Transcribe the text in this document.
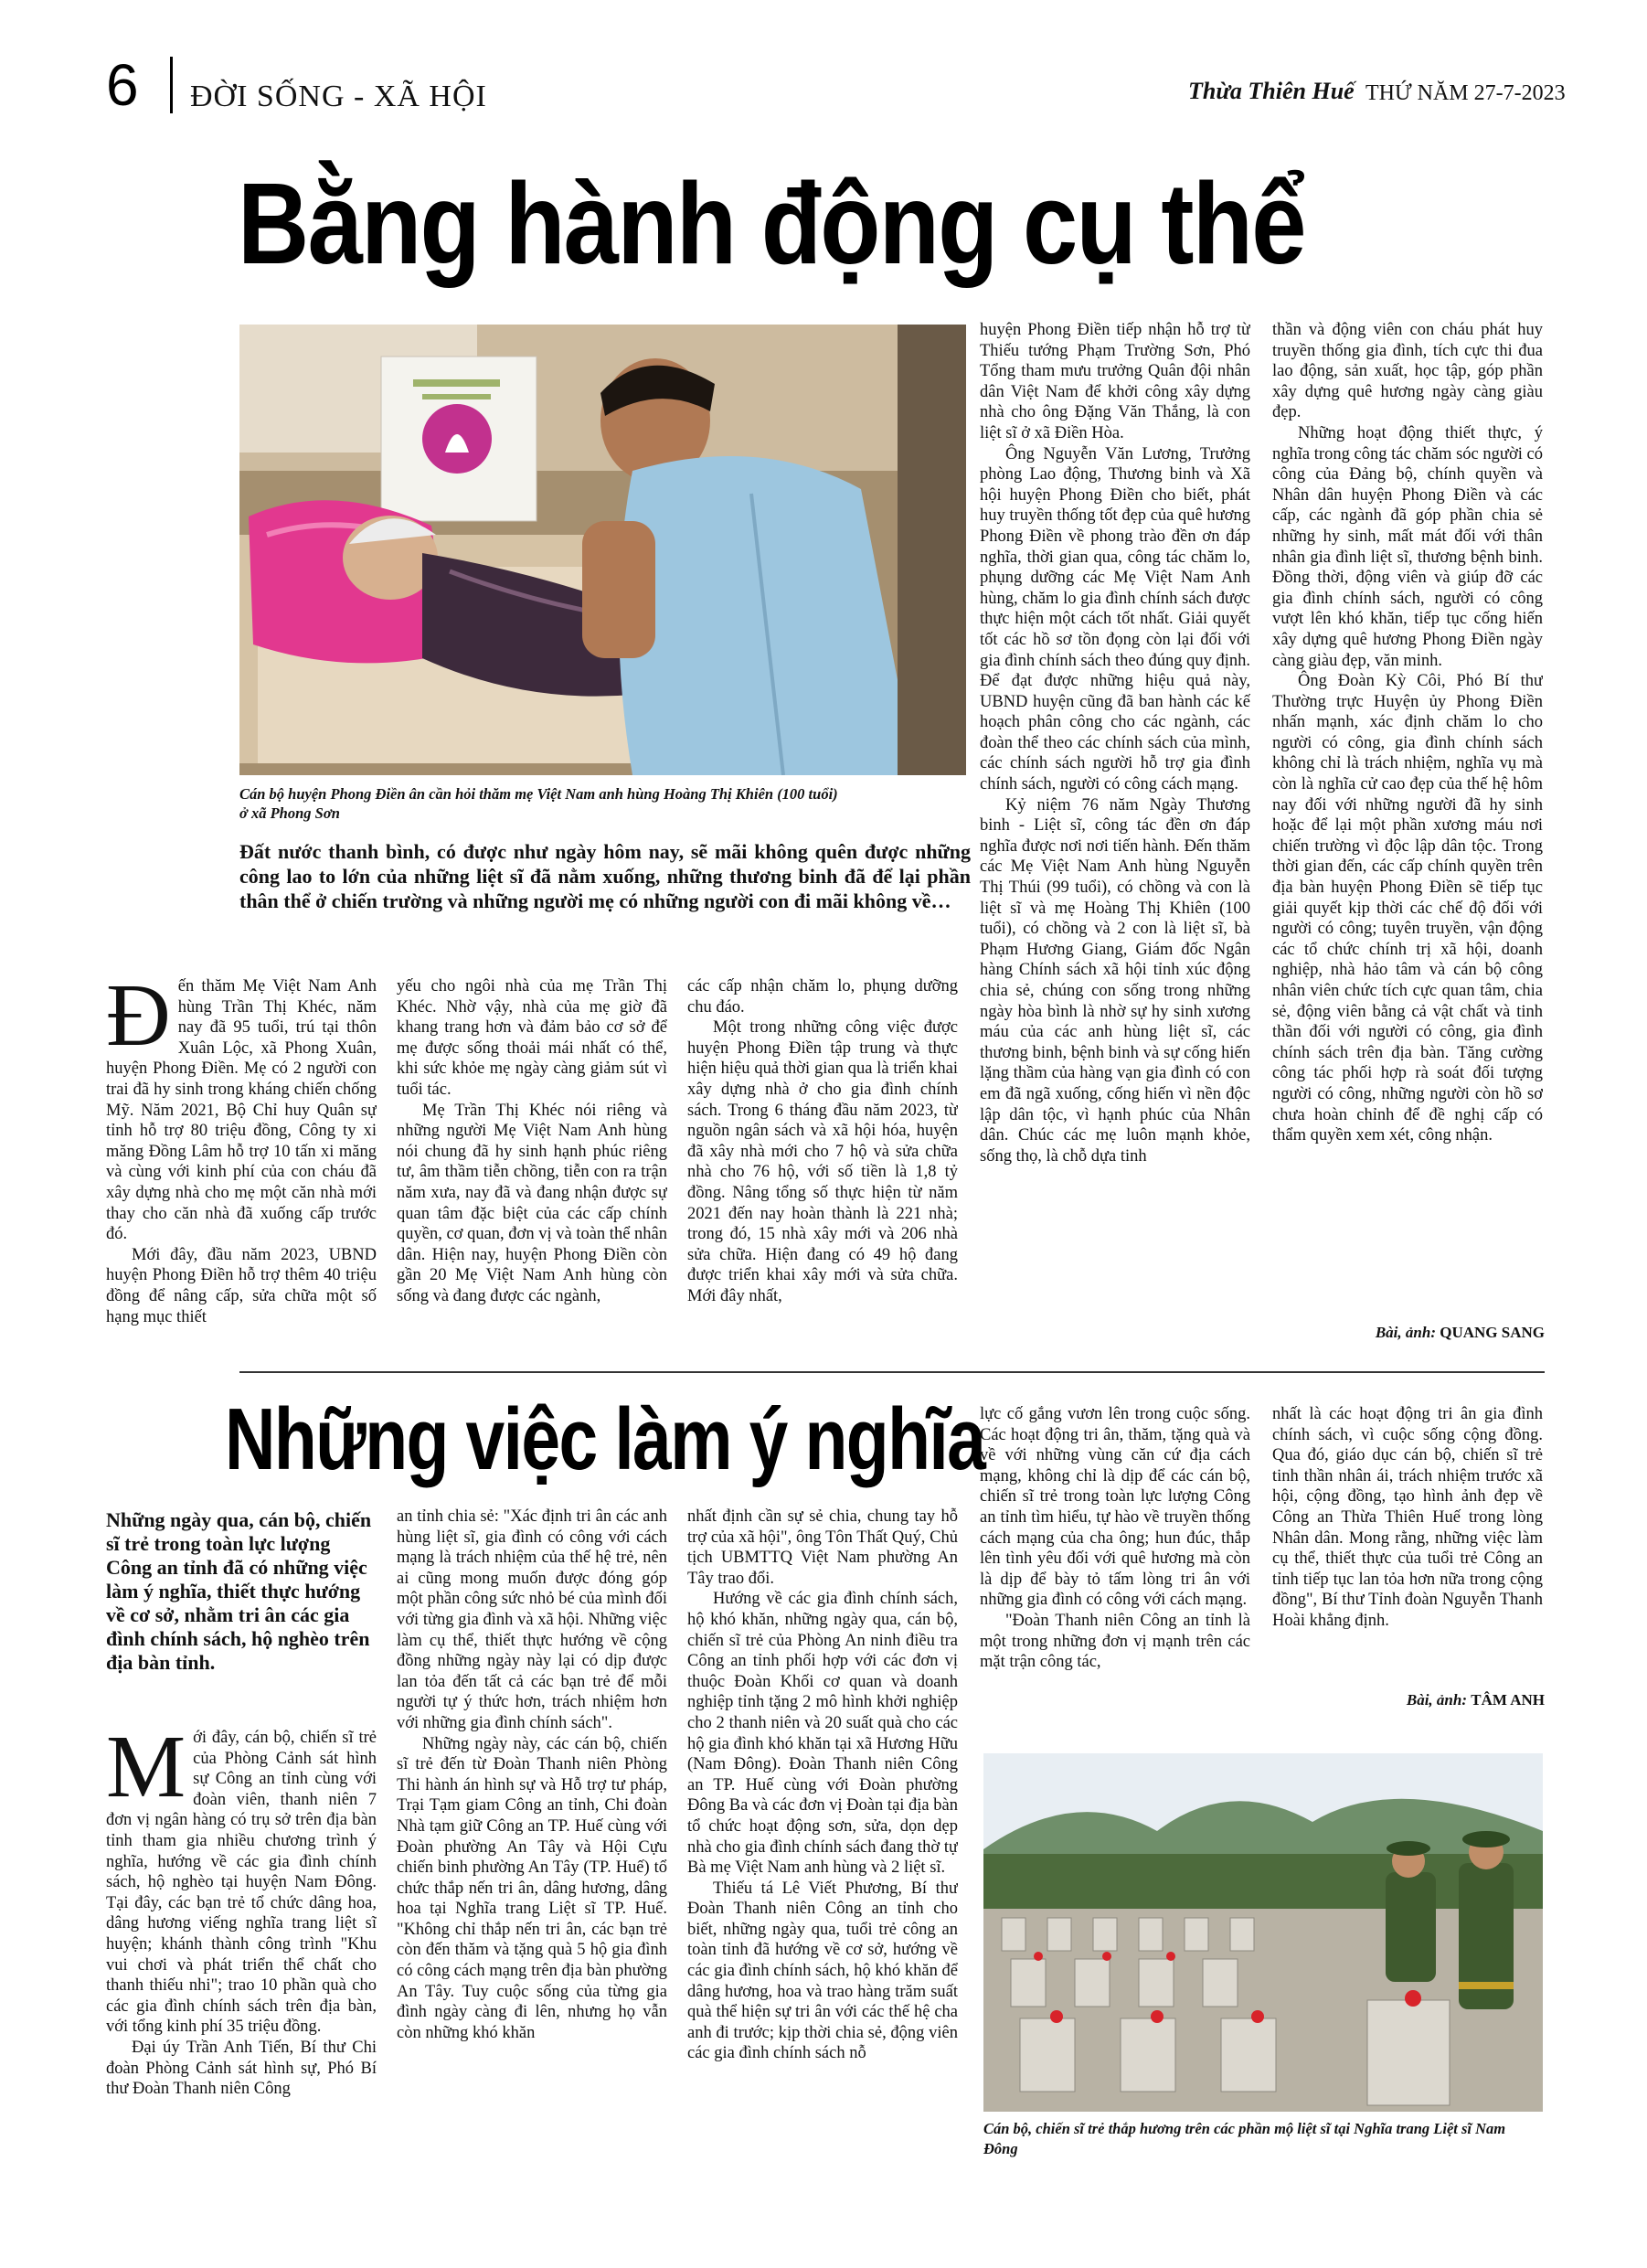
6 ĐỜI SỐNG - XÃ HỘI	Thừa Thiên Huế THỨ NĂM 27-7-2023
Bằng hành động cụ thể
Cán bộ huyện Phong Điền ân cần hỏi thăm mẹ Việt Nam anh hùng Hoàng Thị Khiên (100 tuổi)
ở xã Phong Sơn
Đất nước thanh bình, có được như ngày hôm nay, sẽ mãi không quên được những công lao to lớn của những liệt sĩ đã nằm xuống, những thương binh đã để lại phần thân thể ở chiến trường và những người mẹ có những người con đi mãi không về…

Đến thăm Mẹ Việt Nam Anh hùng Trần Thị Khéc, năm nay đã 95 tuổi, trú tại thôn Xuân Lộc, xã Phong Xuân, huyện Phong Điền. Mẹ có 2 người con trai đã hy sinh trong kháng chiến chống Mỹ. Năm 2021, Bộ Chỉ huy Quân sự tỉnh hỗ trợ 80 triệu đồng, Công ty xi măng Đồng Lâm hỗ trợ 10 tấn xi măng và cùng với kinh phí của con cháu đã xây dựng nhà cho mẹ một căn nhà mới thay cho căn nhà đã xuống cấp trước đó.

Mới đây, đầu năm 2023, UBND huyện Phong Điền hỗ trợ thêm 40 triệu đồng để nâng cấp, sửa chữa một số hạng mục thiết

yếu cho ngôi nhà của mẹ Trần Thị Khéc. Nhờ vậy, nhà của mẹ giờ đã khang trang hơn và đảm bảo cơ sở để mẹ được sống thoải mái nhất có thể, khi sức khỏe mẹ ngày càng giảm sút vì tuổi tác.

Mẹ Trần Thị Khéc nói riêng và những người Mẹ Việt Nam Anh hùng nói chung đã hy sinh hạnh phúc riêng tư, âm thầm tiễn chồng, tiễn con ra trận năm xưa, nay đã và đang nhận được sự quan tâm đặc biệt của các cấp chính quyền, cơ quan, đơn vị và toàn thể nhân dân. Hiện nay, huyện Phong Điền còn gần 20 Mẹ Việt Nam Anh hùng còn sống và đang được các ngành,

các cấp nhận chăm lo, phụng dưỡng chu đáo.

Một trong những công việc được huyện Phong Điền tập trung và thực hiện hiệu quả thời gian qua là triển khai xây dựng nhà ở cho gia đình chính sách. Trong 6 tháng đầu năm 2023, từ nguồn ngân sách và xã hội hóa, huyện đã xây nhà mới cho 7 hộ và sửa chữa nhà cho 76 hộ, với số tiền là 1,8 tỷ đồng. Nâng tổng số thực hiện từ năm 2021 đến nay hoàn thành là 221 nhà; trong đó, 15 nhà xây mới và 206 nhà sửa chữa. Hiện đang có 49 hộ đang được triển khai xây mới và sửa chữa. Mới đây nhất,

huyện Phong Điền tiếp nhận hỗ trợ từ Thiếu tướng Phạm Trường Sơn, Phó Tổng tham mưu trưởng Quân đội nhân dân Việt Nam để khởi công xây dựng nhà cho ông Đặng Văn Thắng, là con liệt sĩ ở xã Điền Hòa.

Ông Nguyễn Văn Lương, Trưởng phòng Lao động, Thương binh và Xã hội huyện Phong Điền cho biết, phát huy truyền thống tốt đẹp của quê hương Phong Điền về phong trào đền ơn đáp nghĩa, thời gian qua, công tác chăm lo, phụng dưỡng các Mẹ Việt Nam Anh hùng, chăm lo gia đình chính sách được thực hiện một cách tốt nhất. Giải quyết tốt các hồ sơ tồn đọng còn lại đối với gia đình chính sách theo đúng quy định. Để đạt được những hiệu quả này, UBND huyện cũng đã ban hành các kế hoạch phân công cho các ngành, các đoàn thể theo các chính sách của mình, các chính sách người hỗ trợ gia đình chính sách, người có công cách mạng.

Kỷ niệm 76 năm Ngày Thương binh - Liệt sĩ, công tác đền ơn đáp nghĩa được nơi nơi tiến hành. Đến thăm các Mẹ Việt Nam Anh hùng Nguyễn Thị Thúi (99 tuổi), có chồng và con là liệt sĩ và mẹ Hoàng Thị Khiên (100 tuổi), có chồng và 2 con là liệt sĩ, bà Phạm Hương Giang, Giám đốc Ngân hàng Chính sách xã hội tỉnh xúc động chia sẻ, chúng con sống trong những ngày hòa bình là nhờ sự hy sinh xương máu của các anh hùng liệt sĩ, các thương binh, bệnh binh và sự cống hiến lặng thầm của hàng vạn gia đình có con em đã ngã xuống, cống hiến vì nền độc lập dân tộc, vì hạnh phúc của Nhân dân. Chúc các mẹ luôn mạnh khỏe, sống thọ, là chỗ dựa tinh

thần và động viên con cháu phát huy truyền thống gia đình, tích cực thi đua lao động, sản xuất, học tập, góp phần xây dựng quê hương ngày càng giàu đẹp.

Những hoạt động thiết thực, ý nghĩa trong công tác chăm sóc người có công của Đảng bộ, chính quyền và Nhân dân huyện Phong Điền và các cấp, các ngành đã góp phần chia sẻ những hy sinh, mất mát đối với thân nhân gia đình liệt sĩ, thương bệnh binh. Đồng thời, động viên và giúp đỡ các gia đình chính sách, người có công vượt lên khó khăn, tiếp tục cống hiến xây dựng quê hương Phong Điền ngày càng giàu đẹp, văn minh.

Ông Đoàn Kỳ Côi, Phó Bí thư Thường trực Huyện ủy Phong Điền nhấn mạnh, xác định chăm lo cho người có công, gia đình chính sách không chỉ là trách nhiệm, nghĩa vụ mà còn là nghĩa cử cao đẹp của thế hệ hôm nay đối với những người đã hy sinh hoặc để lại một phần xương máu nơi chiến trường vì độc lập dân tộc. Trong thời gian đến, các cấp chính quyền trên địa bàn huyện Phong Điền sẽ tiếp tục giải quyết kịp thời các chế độ đối với người có công; tuyên truyền, vận động các tổ chức chính trị xã hội, doanh nghiệp, nhà hảo tâm và cán bộ công nhân viên chức tích cực quan tâm, chia sẻ, động viên bằng cả vật chất và tinh thần đối với người có công, gia đình chính sách trên địa bàn. Tăng cường công tác phối hợp rà soát đối tượng người có công, những người còn hồ sơ chưa hoàn chỉnh để đề nghị cấp có thẩm quyền xem xét, công nhận.

Bài, ảnh: QUANG SANG
Những việc làm ý nghĩa
Những ngày qua, cán bộ, chiến sĩ trẻ trong toàn lực lượng Công an tỉnh đã có những việc làm ý nghĩa, thiết thực hướng về cơ sở, nhằm tri ân các gia đình chính sách, hộ nghèo trên địa bàn tỉnh.

Mới đây, cán bộ, chiến sĩ trẻ của Phòng Cảnh sát hình sự Công an tỉnh cùng với đoàn viên, thanh niên 7 đơn vị ngân hàng có trụ sở trên địa bàn tỉnh tham gia nhiều chương trình ý nghĩa, hướng về các gia đình chính sách, hộ nghèo tại huyện Nam Đông. Tại đây, các bạn trẻ tổ chức dâng hoa, dâng hương viếng nghĩa trang liệt sĩ huyện; khánh thành công trình "Khu vui chơi và phát triển thể chất cho thanh thiếu nhi"; trao 10 phần quà cho các gia đình chính sách trên địa bàn, với tổng kinh phí 35 triệu đồng.

Đại úy Trần Anh Tiến, Bí thư Chi đoàn Phòng Cảnh sát hình sự, Phó Bí thư Đoàn Thanh niên Công

an tỉnh chia sẻ: "Xác định tri ân các anh hùng liệt sĩ, gia đình có công với cách mạng là trách nhiệm của thế hệ trẻ, nên ai cũng mong muốn được đóng góp một phần công sức nhỏ bé của mình đối với từng gia đình và xã hội. Những việc làm cụ thể, thiết thực hướng về cộng đồng những ngày này lại có dịp được lan tỏa đến tất cả các bạn trẻ để mỗi người tự ý thức hơn, trách nhiệm hơn với những gia đình chính sách".

Những ngày này, các cán bộ, chiến sĩ trẻ đến từ Đoàn Thanh niên Phòng Thi hành án hình sự và Hỗ trợ tư pháp, Trại Tạm giam Công an tỉnh, Chi đoàn Nhà tạm giữ Công an TP. Huế cùng với Đoàn phường An Tây và Hội Cựu chiến binh phường An Tây (TP. Huế) tổ chức thắp nến tri ân, dâng hương, dâng hoa tại Nghĩa trang Liệt sĩ TP. Huế. "Không chỉ thắp nến tri ân, các bạn trẻ còn đến thăm và tặng quà 5 hộ gia đình có công cách mạng trên địa bàn phường An Tây. Tuy cuộc sống của từng gia đình ngày càng đi lên, nhưng họ vẫn còn những khó khăn

nhất định cần sự sẻ chia, chung tay hỗ trợ của xã hội", ông Tôn Thất Quý, Chủ tịch UBMTTQ Việt Nam phường An Tây trao đổi.

Hướng về các gia đình chính sách, hộ khó khăn, những ngày qua, cán bộ, chiến sĩ trẻ của Phòng An ninh điều tra Công an tỉnh phối hợp với các đơn vị thuộc Đoàn Khối cơ quan và doanh nghiệp tỉnh tặng 2 mô hình khởi nghiệp cho 2 thanh niên và 20 suất quà cho các hộ gia đình khó khăn tại xã Hương Hữu (Nam Đông). Đoàn Thanh niên Công an TP. Huế cùng với Đoàn phường Đông Ba và các đơn vị Đoàn tại địa bàn tổ chức hoạt động sơn, sửa, dọn dẹp nhà cho gia đình chính sách đang thờ tự Bà mẹ Việt Nam anh hùng và 2 liệt sĩ.

Thiếu tá Lê Viết Phương, Bí thư Đoàn Thanh niên Công an tỉnh cho biết, những ngày qua, tuổi trẻ công an toàn tỉnh đã hướng về cơ sở, hướng về các gia đình chính sách, hộ khó khăn để dâng hương, hoa và trao hàng trăm suất quà thể hiện sự tri ân với các thế hệ cha anh đi trước; kịp thời chia sẻ, động viên các gia đình chính sách nỗ

lực cố gắng vươn lên trong cuộc sống. Các hoạt động tri ân, thăm, tặng quà và về với những vùng căn cứ địa cách mạng, không chỉ là dịp để các cán bộ, chiến sĩ trẻ trong toàn lực lượng Công an tỉnh tìm hiểu, tự hào về truyền thống cách mạng của cha ông; hun đúc, thắp lên tình yêu đối với quê hương mà còn là dịp để bày tỏ tấm lòng tri ân với những gia đình có công với cách mạng.

"Đoàn Thanh niên Công an tỉnh là một trong những đơn vị mạnh trên các mặt trận công tác,

nhất là các hoạt động tri ân gia đình chính sách, vì cuộc sống cộng đồng. Qua đó, giáo dục cán bộ, chiến sĩ trẻ tinh thần nhân ái, trách nhiệm trước xã hội, cộng đồng, tạo hình ảnh đẹp về Công an Thừa Thiên Huế trong lòng Nhân dân. Mong rằng, những việc làm cụ thể, thiết thực của tuổi trẻ Công an tỉnh tiếp tục lan tỏa hơn nữa trong cộng đồng", Bí thư Tỉnh đoàn Nguyễn Thanh Hoài khẳng định.

Bài, ảnh: TÂM ANH
Cán bộ, chiến sĩ trẻ thắp hương trên các phần mộ liệt sĩ tại Nghĩa trang Liệt sĩ Nam Đông
